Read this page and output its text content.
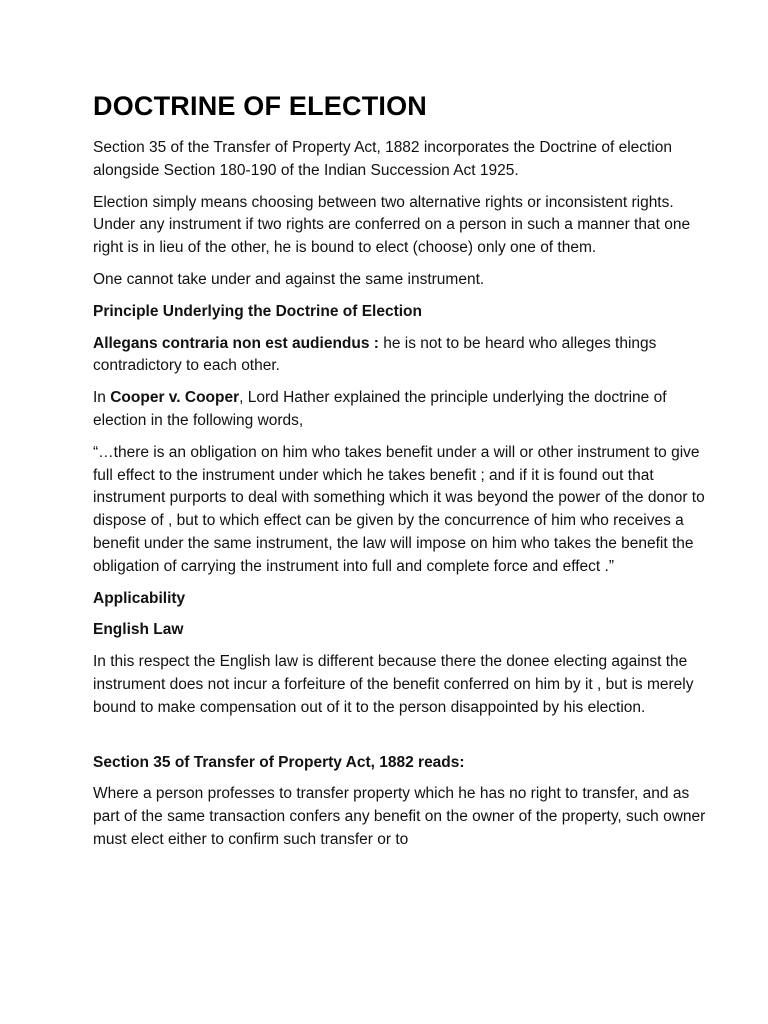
DOCTRINE OF ELECTION

Section 35 of the Transfer of Property Act, 1882 incorporates the Doctrine of election alongside Section 180-190 of the Indian Succession Act 1925.

Election simply means choosing between two alternative rights or inconsistent rights. Under any instrument if two rights are conferred on a person in such a manner that one right is in lieu of the other, he is bound to elect (choose) only one of them.

One cannot take under and against the same instrument.

Principle Underlying the Doctrine of Election

Allegans contraria non est audiendus : he is not to be heard who alleges things contradictory to each other.

In Cooper v. Cooper, Lord Hather explained the principle underlying the doctrine of election in the following words,

“…there is an obligation on him who takes benefit under a will or other instrument to give full effect to the instrument under which he takes benefit ; and if it is found out that instrument purports to deal with something which it was beyond the power of the donor to dispose of , but to which effect can be given by the concurrence of him who receives a benefit under the same instrument, the law will impose on him who takes the benefit the obligation of carrying the instrument into full and complete force and effect .”

Applicability

English Law

In this respect the English law is different because there the donee electing against the instrument does not incur a forfeiture of the benefit conferred on him by it , but is merely bound to make compensation out of it to the person disappointed by his election.

Section 35 of Transfer of Property Act, 1882 reads:

Where a person professes to transfer property which he has no right to transfer, and as part of the same transaction confers any benefit on the owner of the property, such owner must elect either to confirm such transfer or to
